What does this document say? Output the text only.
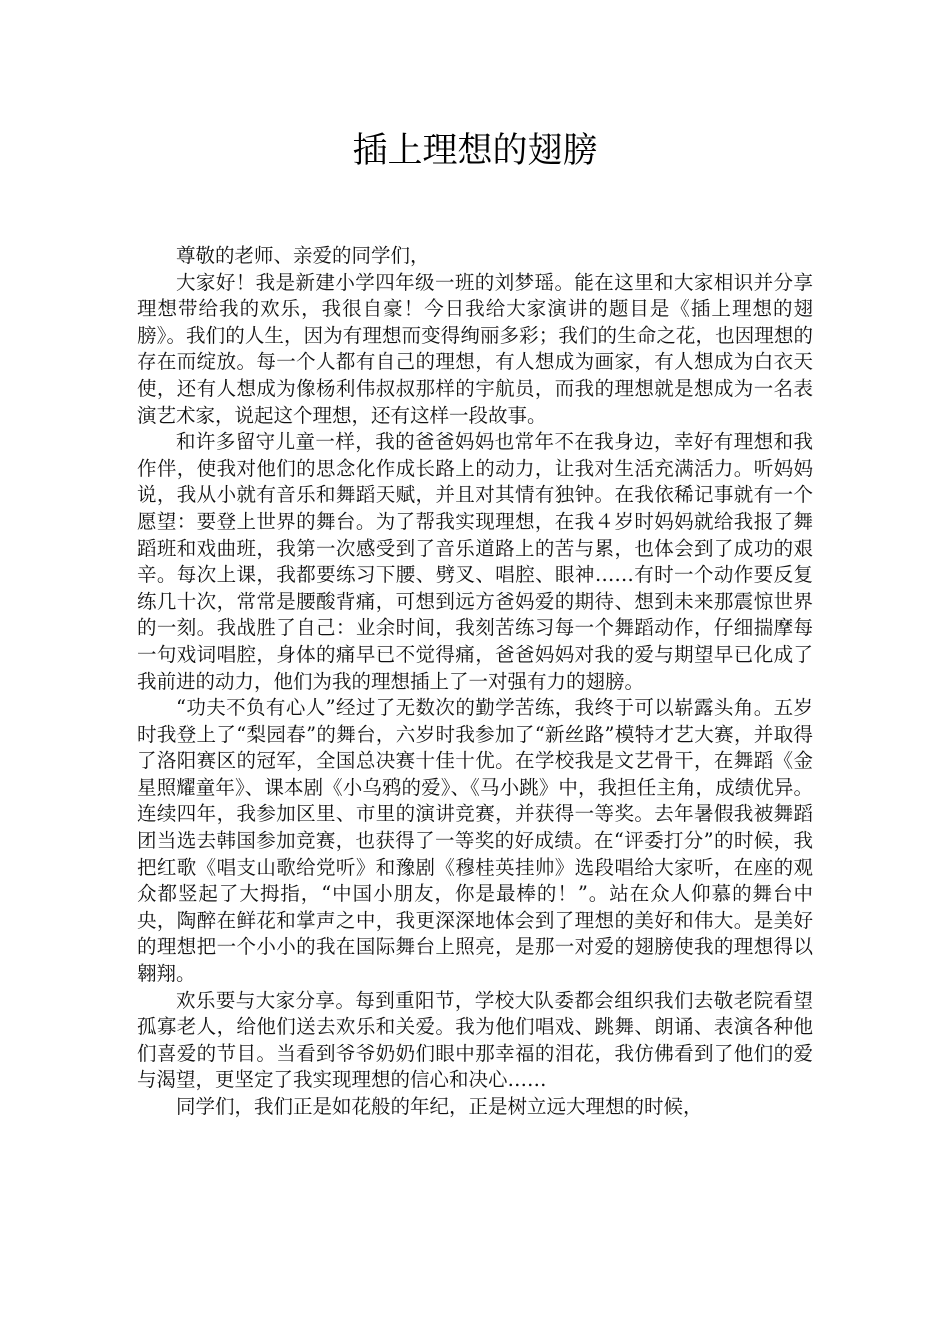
插上理想的翅膀

尊敬的老师、亲爱的同学们，

大家好！我是新建小学四年级一班的刘梦瑶。能在这里和大家相识并分享理想带给我的欢乐，我很自豪！今日我给大家演讲的题目是《插上理想的翅膀》。我们的人生，因为有理想而变得绚丽多彩；我们的生命之花，也因理想的存在而绽放。每一个人都有自己的理想，有人想成为画家，有人想成为白衣天使，还有人想成为像杨利伟叔叔那样的宇航员，而我的理想就是想成为一名表演艺术家，说起这个理想，还有这样一段故事。

和许多留守儿童一样，我的爸爸妈妈也常年不在我身边，幸好有理想和我作伴，使我对他们的思念化作成长路上的动力，让我对生活充满活力。听妈妈说，我从小就有音乐和舞蹈天赋，并且对其情有独钟。在我依稀记事就有一个愿望：要登上世界的舞台。为了帮我实现理想，在我４岁时妈妈就给我报了舞蹈班和戏曲班，我第一次感受到了音乐道路上的苦与累，也体会到了成功的艰辛。每次上课，我都要练习下腰、劈叉、唱腔、眼神……有时一个动作要反复练几十次，常常是腰酸背痛，可想到远方爸妈爱的期待、想到未来那震惊世界的一刻。我战胜了自己：业余时间，我刻苦练习每一个舞蹈动作，仔细揣摩每一句戏词唱腔，身体的痛早已不觉得痛，爸爸妈妈对我的爱与期望早已化成了我前进的动力，他们为我的理想插上了一对强有力的翅膀。

“功夫不负有心人”经过了无数次的勤学苦练，我终于可以崭露头角。五岁时我登上了“梨园春”的舞台，六岁时我参加了“新丝路”模特才艺大赛，并取得了洛阳赛区的冠军，全国总决赛十佳十优。在学校我是文艺骨干，在舞蹈《金星照耀童年》、课本剧《小乌鸦的爱》、《马小跳》中，我担任主角，成绩优异。连续四年，我参加区里、市里的演讲竞赛，并获得一等奖。去年暑假我被舞蹈团当选去韩国参加竞赛，也获得了一等奖的好成绩。在“评委打分”的时候，我把红歌《唱支山歌给党听》和豫剧《穆桂英挂帅》选段唱给大家听，在座的观众都竖起了大拇指，“中国小朋友，你是最棒的！”。站在众人仰慕的舞台中央，陶醉在鲜花和掌声之中，我更深深地体会到了理想的美好和伟大。是美好的理想把一个小小的我在国际舞台上照亮，是那一对爱的翅膀使我的理想得以翱翔。

欢乐要与大家分享。每到重阳节，学校大队委都会组织我们去敬老院看望孤寡老人，给他们送去欢乐和关爱。我为他们唱戏、跳舞、朗诵、表演各种他们喜爱的节目。当看到爷爷奶奶们眼中那幸福的泪花，我仿佛看到了他们的爱与渴望，更坚定了我实现理想的信心和决心……

同学们，我们正是如花般的年纪，正是树立远大理想的时候，
